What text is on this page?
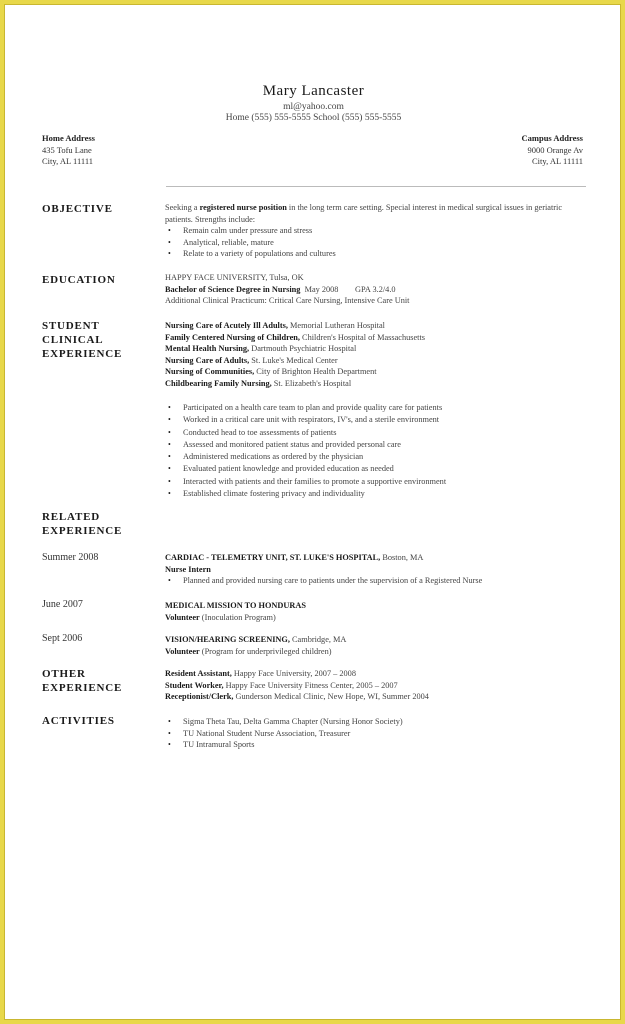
Mary Lancaster
ml@yahoo.com
Home (555) 555-5555 School (555) 555-5555
Home Address
435 Tofu Lane
City, AL 11111
Campus Address
9000 Orange Av
City, AL 11111
OBJECTIVE	Seeking a registered nurse position in the long term care setting. Special interest in medical surgical issues in geriatric patients. Strengths include:
• Remain calm under pressure and stress
• Analytical, reliable, mature
• Relate to a variety of populations and cultures
EDUCATION	HAPPY FACE UNIVERSITY, Tulsa, OK
Bachelor of Science Degree in Nursing  May 2008        GPA 3.2/4.0
Additional Clinical Practicum: Critical Care Nursing, Intensive Care Unit
STUDENT
CLINICAL
EXPERIENCE
Nursing Care of Acutely Ill Adults, Memorial Lutheran Hospital
Family Centered Nursing of Children, Children's Hospital of Massachusetts
Mental Health Nursing, Dartmouth Psychiatric Hospital
Nursing Care of Adults, St. Luke's Medical Center
Nursing of Communities, City of Brighton Health Department
Childbearing Family Nursing, St. Elizabeth's Hospital
• Participated on a health care team to plan and provide quality care for patients
• Worked in a critical care unit with respirators, IV's, and a sterile environment
• Conducted head to toe assessments of patients
• Assessed and monitored patient status and provided personal care
• Administered medications as ordered by the physician
• Evaluated patient knowledge and provided education as needed
• Interacted with patients and their families to promote a supportive environment
• Established climate fostering privacy and individuality
RELATED
EXPERIENCE
Summer 2008	CARDIAC - TELEMETRY UNIT, ST. LUKE'S HOSPITAL, Boston, MA
Nurse Intern
• Planned and provided nursing care to patients under the supervision of a Registered Nurse
June 2007	MEDICAL MISSION TO HONDURAS
Volunteer (Inoculation Program)
Sept 2006	VISION/HEARING SCREENING, Cambridge, MA
Volunteer (Program for underprivileged children)
OTHER
EXPERIENCE
Resident Assistant, Happy Face University, 2007 – 2008
Student Worker, Happy Face University Fitness Center, 2005 – 2007
Receptionist/Clerk, Gunderson Medical Clinic, New Hope, WI, Summer 2004
ACTIVITIES
•	Sigma Theta Tau, Delta Gamma Chapter (Nursing Honor Society)
• TU National Student Nurse Association, Treasurer
• TU Intramural Sports
